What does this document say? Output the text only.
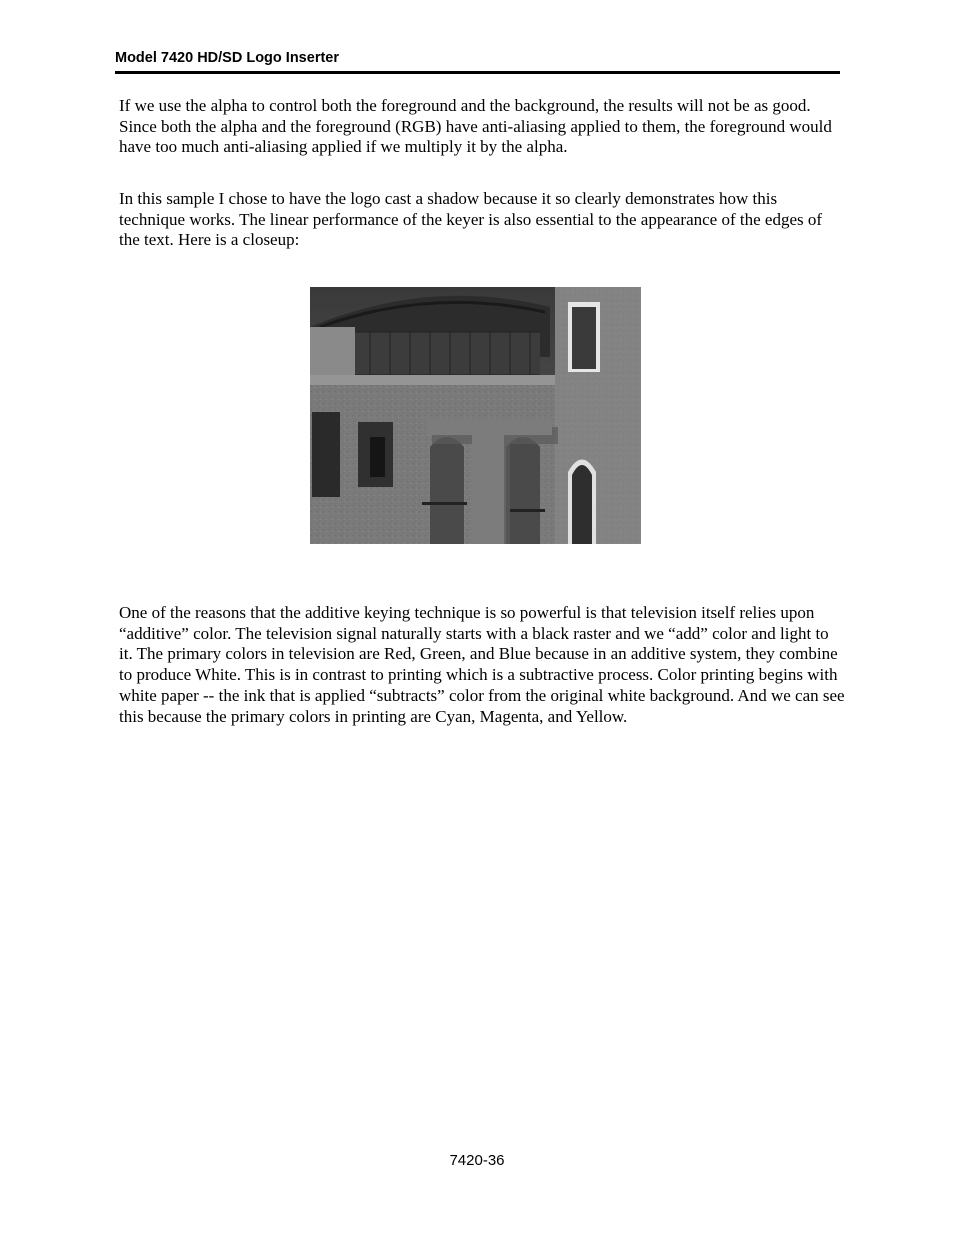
Model 7420 HD/SD Logo Inserter

If we use the alpha to control both the foreground and the background, the results will not be as good. Since both the alpha and the foreground (RGB) have anti-aliasing applied to them, the foreground would have too much anti-aliasing applied if we multiply it by the alpha.

In this sample I chose to have the logo cast a shadow because it so clearly demonstrates how this technique works. The linear performance of the keyer is also essential to the appearance of the edges of the text. Here is a closeup:

One of the reasons that the additive keying technique is so powerful is that television itself relies upon “additive” color. The television signal naturally starts with a black raster and we “add” color and light to it. The primary colors in television are Red, Green, and Blue because in an additive system, they combine to produce White. This is in contrast to printing which is a subtractive process. Color printing begins with white paper -- the ink that is applied “subtracts” color from the original white background. And we can see this because the primary colors in printing are Cyan, Magenta, and Yellow.

7420-36
